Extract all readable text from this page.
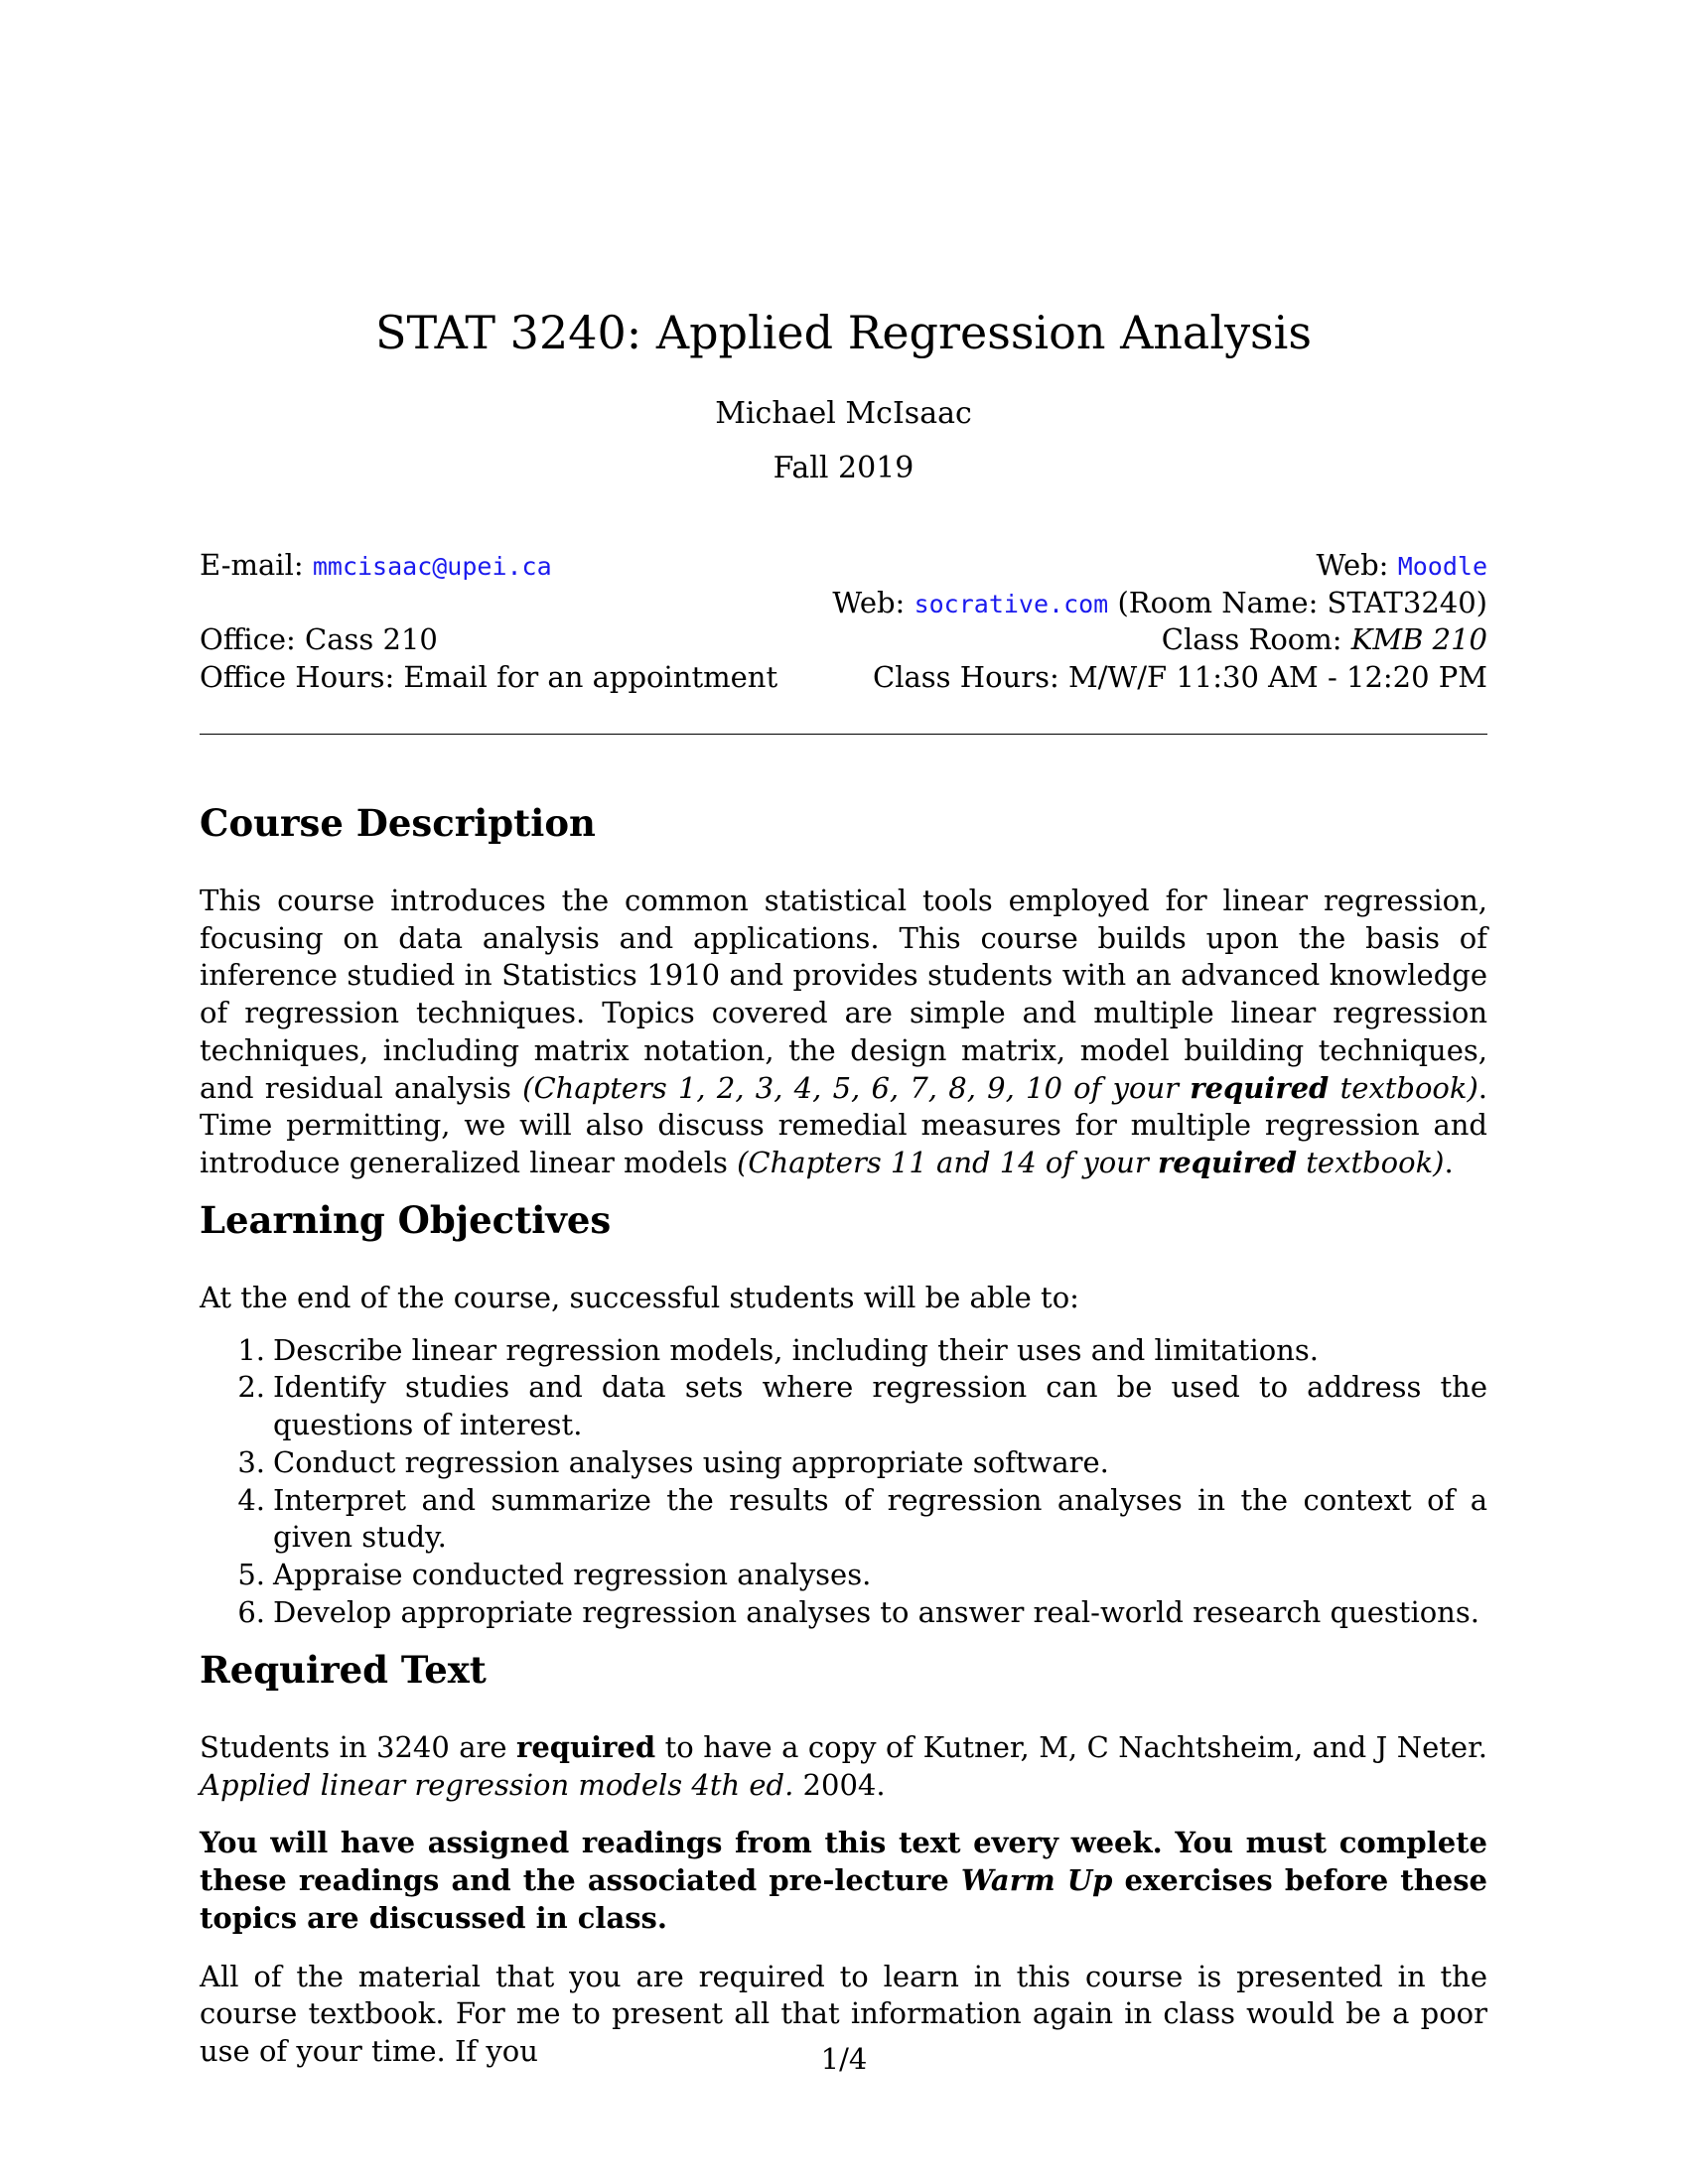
STAT 3240: Applied Regression Analysis
Michael McIsaac
Fall 2019
E-mail: mmcisaac@upei.ca	Web: Moodle
Web: socrative.com (Room Name: STAT3240)
Office: Cass 210	Class Room: KMB 210
Office Hours: Email for an appointment	Class Hours: M/W/F 11:30 AM - 12:20 PM
Course Description

This course introduces the common statistical tools employed for linear regression, focusing on data analysis and applications. This course builds upon the basis of inference studied in Statistics 1910 and provides students with an advanced knowledge of regression techniques. Topics covered are simple and multiple linear regression techniques, including matrix notation, the design matrix, model building techniques, and residual analysis (Chapters 1, 2, 3, 4, 5, 6, 7, 8, 9, 10 of your required textbook). Time permitting, we will also discuss remedial measures for multiple regression and introduce generalized linear models (Chapters 11 and 14 of your required textbook).

Learning Objectives

At the end of the course, successful students will be able to:

1. Describe linear regression models, including their uses and limitations.
2. Identify studies and data sets where regression can be used to address the questions of interest.
3. Conduct regression analyses using appropriate software.
4. Interpret and summarize the results of regression analyses in the context of a given study.
5. Appraise conducted regression analyses.
6. Develop appropriate regression analyses to answer real-world research questions.
Required Text

Students in 3240 are required to have a copy of Kutner, M, C Nachtsheim, and J Neter. Applied linear regression models 4th ed. 2004.

You will have assigned readings from this text every week. You must complete these readings and the associated pre-lecture Warm Up exercises before these topics are discussed in class.

All of the material that you are required to learn in this course is presented in the course textbook. For me to present all that information again in class would be a poor use of your time. If you	1/4
